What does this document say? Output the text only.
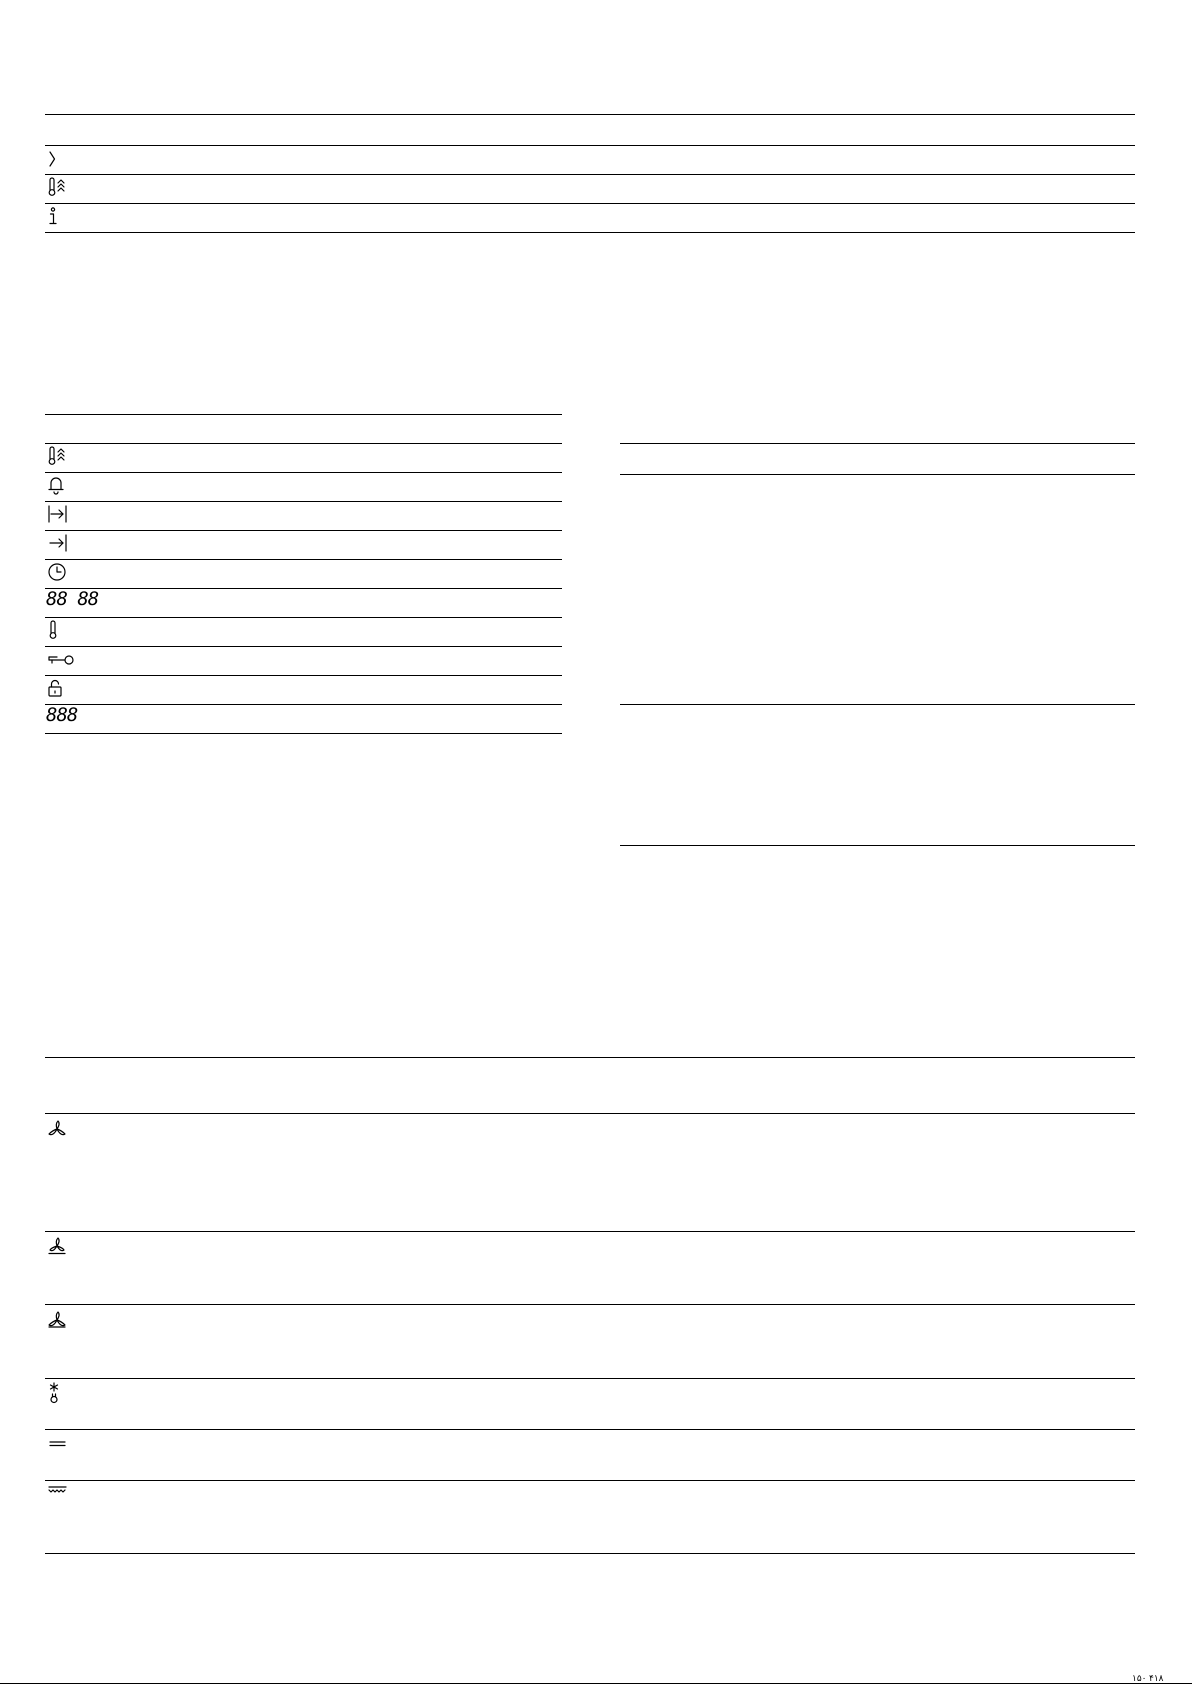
88 88
888
۱۵۰ ۴۱۸
